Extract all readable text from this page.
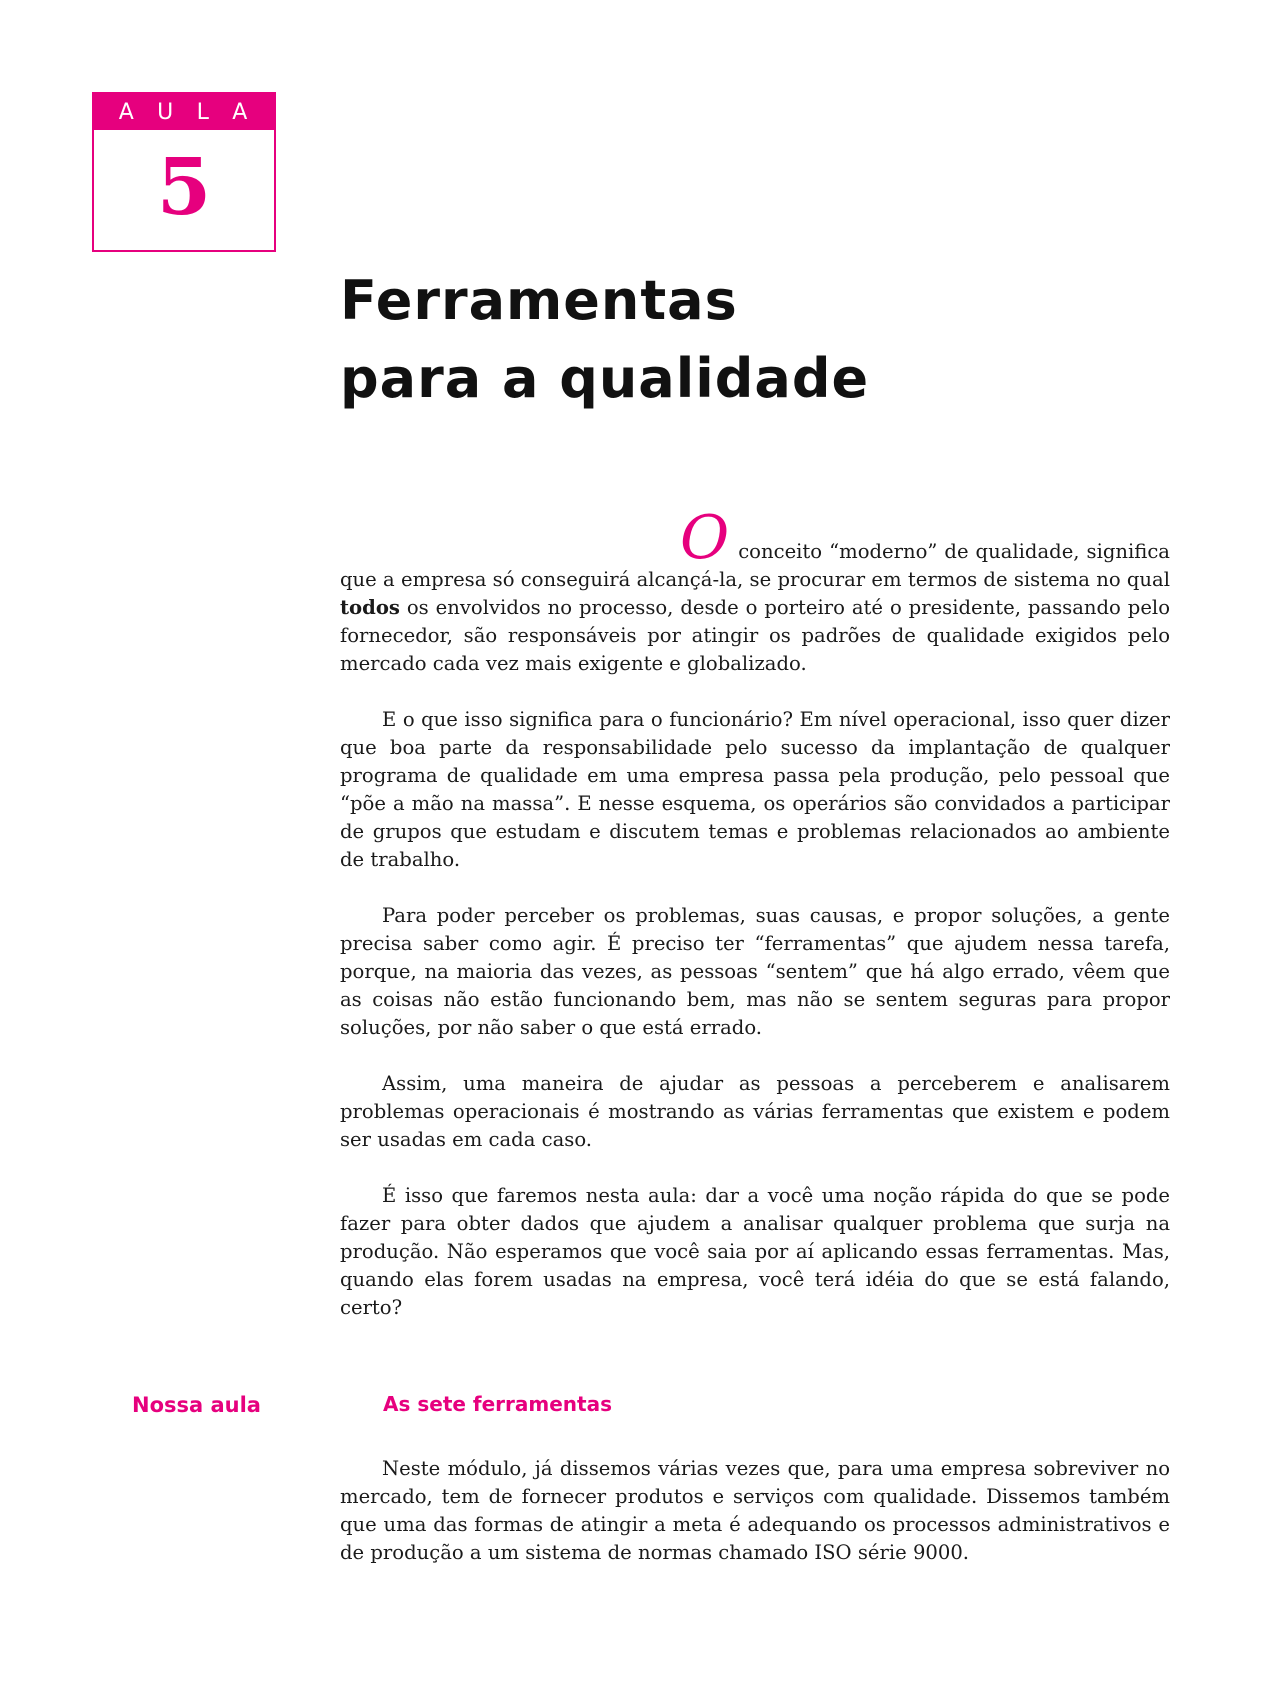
A U L A
5
Ferramentas
para a qualidade

O conceito “moderno” de qualidade, significa que a empresa só conseguirá alcançá-la, se procurar em termos de sistema no qual todos os envolvidos no processo, desde o porteiro até o presidente, passando pelo fornecedor, são responsáveis por atingir os padrões de qualidade exigidos pelo mercado cada vez mais exigente e globalizado.

E o que isso significa para o funcionário? Em nível operacional, isso quer dizer que boa parte da responsabilidade pelo sucesso da implantação de qualquer programa de qualidade em uma empresa passa pela produção, pelo pessoal que “põe a mão na massa”. E nesse esquema, os operários são convidados a participar de grupos que estudam e discutem temas e problemas relacionados ao ambiente de trabalho.

Para poder perceber os problemas, suas causas, e propor soluções, a gente precisa saber como agir. É preciso ter “ferramentas” que ajudem nessa tarefa, porque, na maioria das vezes, as pessoas “sentem” que há algo errado, vêem que as coisas não estão funcionando bem, mas não se sentem seguras para propor soluções, por não saber o que está errado.

Assim, uma maneira de ajudar as pessoas a perceberem e analisarem problemas operacionais é mostrando as várias ferramentas que existem e podem ser usadas em cada caso.

É isso que faremos nesta aula: dar a você uma noção rápida do que se pode fazer para obter dados que ajudem a analisar qualquer problema que surja na produção. Não esperamos que você saia por aí aplicando essas ferramentas. Mas, quando elas forem usadas na empresa, você terá idéia do que se está falando, certo?

Nossa aula	As sete ferramentas

Neste módulo, já dissemos várias vezes que, para uma empresa sobreviver no mercado, tem de fornecer produtos e serviços com qualidade. Dissemos também que uma das formas de atingir a meta é adequando os processos administrativos e de produção a um sistema de normas chamado ISO série 9000.
